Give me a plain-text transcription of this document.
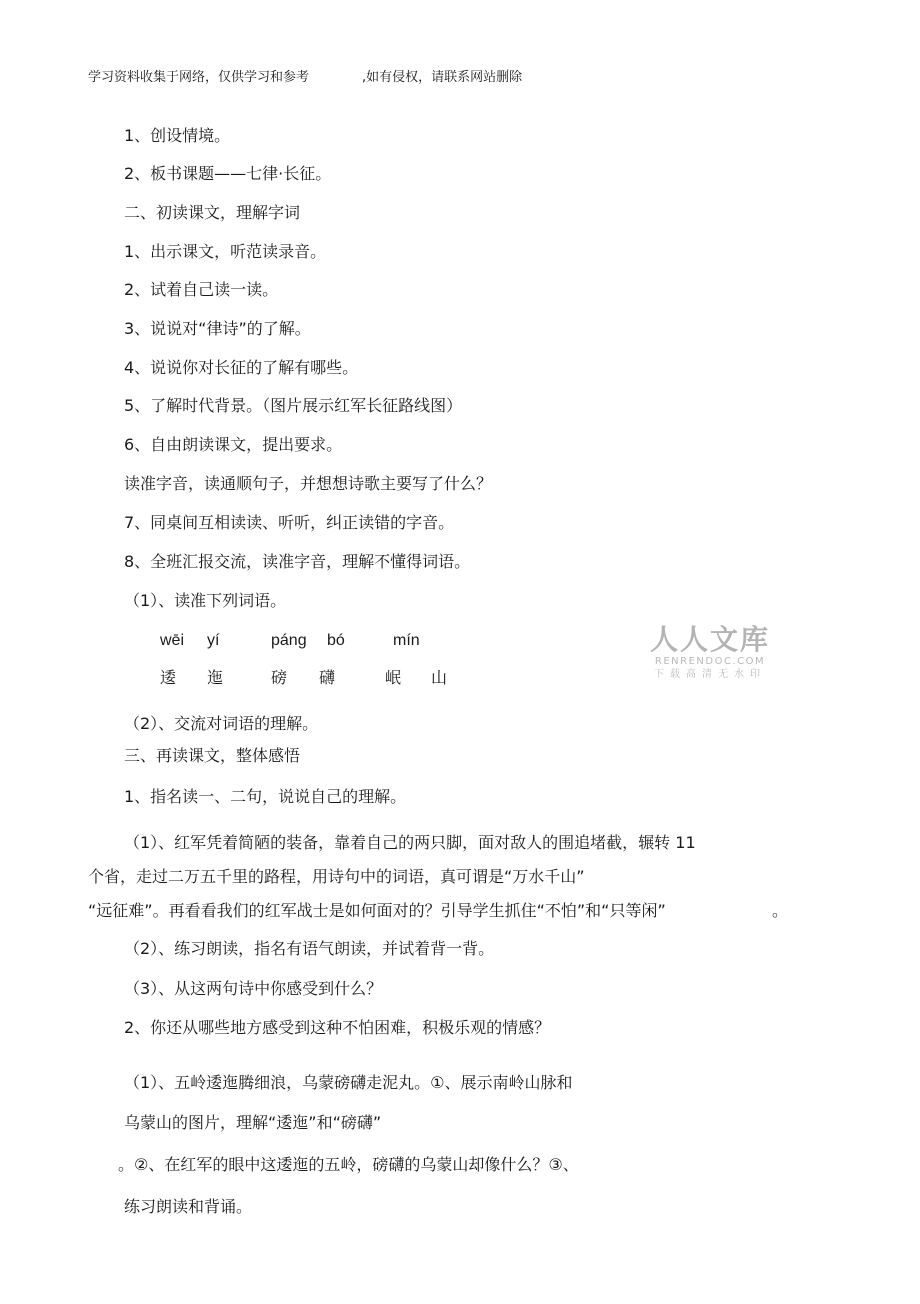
学习资料收集于网络，仅供学习和参考	,如有侵权，请联系网站删除
1、创设情境。
2、板书课题——七律·长征。
二、初读课文，理解字词
1、出示课文，听范读录音。
2、试着自己读一读。
3、说说对“律诗”的了解。
4、说说你对长征的了解有哪些。
5、了解时代背景。（图片展示红军长征路线图）
6、自由朗读课文，提出要求。
读准字音，读通顺句子，并想想诗歌主要写了什么？
7、同桌间互相读读、听听，纠正读错的字音。
8、全班汇报交流，读准字音，理解不懂得词语。
（1）、读准下列词语。
wēi yí	páng bó	mín
逶 迤	磅 礴	岷 山
人人文库
RENRENDOC.COM
下载高清无水印
（2）、交流对词语的理解。
三、再读课文，整体感悟
1、指名读一、二句，说说自己的理解。
（1）、红军凭着简陋的装备，靠着自己的两只脚，面对敌人的围追堵截，辗转 11
个省，走过二万五千里的路程，用诗句中的词语，真可谓是“万水千山”
“远征难”。再看看我们的红军战士是如何面对的？引导学生抓住“不怕”和“只等闲”	。
（2）、练习朗读，指名有语气朗读，并试着背一背。
（3）、从这两句诗中你感受到什么？
2、你还从哪些地方感受到这种不怕困难，积极乐观的情感？
（1）、五岭逶迤腾细浪，乌蒙磅礴走泥丸。①、展示南岭山脉和
乌蒙山的图片，理解“逶迤”和“磅礴”
。②、在红军的眼中这逶迤的五岭，磅礴的乌蒙山却像什么？③、
练习朗读和背诵。
